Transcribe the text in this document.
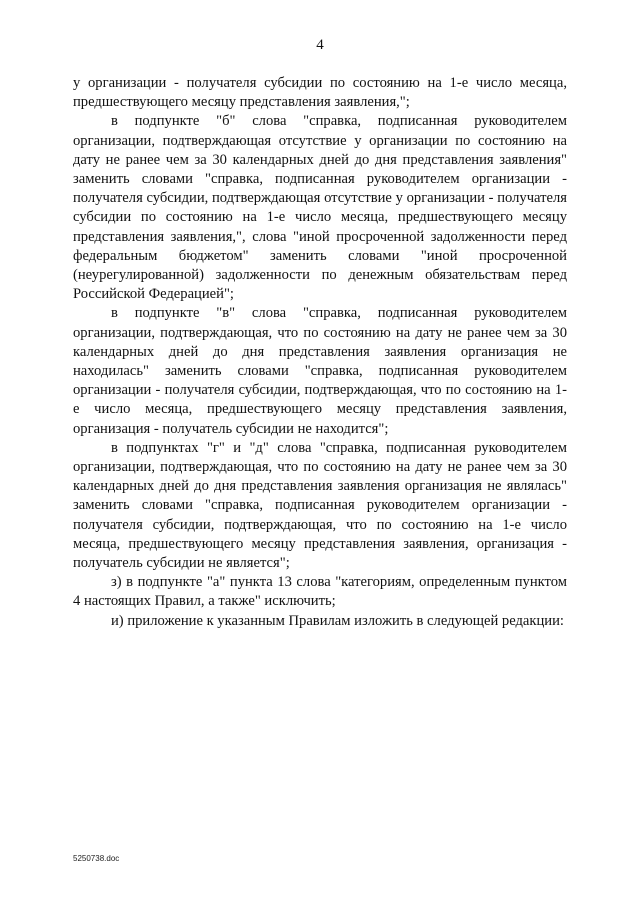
4

у организации - получателя субсидии по состоянию на 1-е число месяца, предшествующего месяцу представления заявления,";

в подпункте "б" слова "справка, подписанная руководителем организации, подтверждающая отсутствие у организации по состоянию на дату не ранее чем за 30 календарных дней до дня представления заявления" заменить словами "справка, подписанная руководителем организации - получателя субсидии, подтверждающая отсутствие у организации - получателя субсидии по состоянию на 1-е число месяца, предшествующего месяцу представления заявления,", слова "иной просроченной задолженности перед федеральным бюджетом" заменить словами "иной просроченной (неурегулированной) задолженности по денежным обязательствам перед Российской Федерацией";

в подпункте "в" слова "справка, подписанная руководителем организации, подтверждающая, что по состоянию на дату не ранее чем за 30 календарных дней до дня представления заявления организация не находилась" заменить словами "справка, подписанная руководителем организации - получателя субсидии, подтверждающая, что по состоянию на 1-е число месяца, предшествующего месяцу представления заявления, организация - получатель субсидии не находится";

в подпунктах "г" и "д" слова "справка, подписанная руководителем организации, подтверждающая, что по состоянию на дату не ранее чем за 30 календарных дней до дня представления заявления организация не являлась" заменить словами "справка, подписанная руководителем организации - получателя субсидии, подтверждающая, что по состоянию на 1-е число месяца, предшествующего месяцу представления заявления, организация - получатель субсидии не является";

з) в подпункте "а" пункта 13 слова "категориям, определенным пунктом 4 настоящих Правил, а также" исключить;

и) приложение к указанным Правилам изложить в следующей редакции:

5250738.doc
